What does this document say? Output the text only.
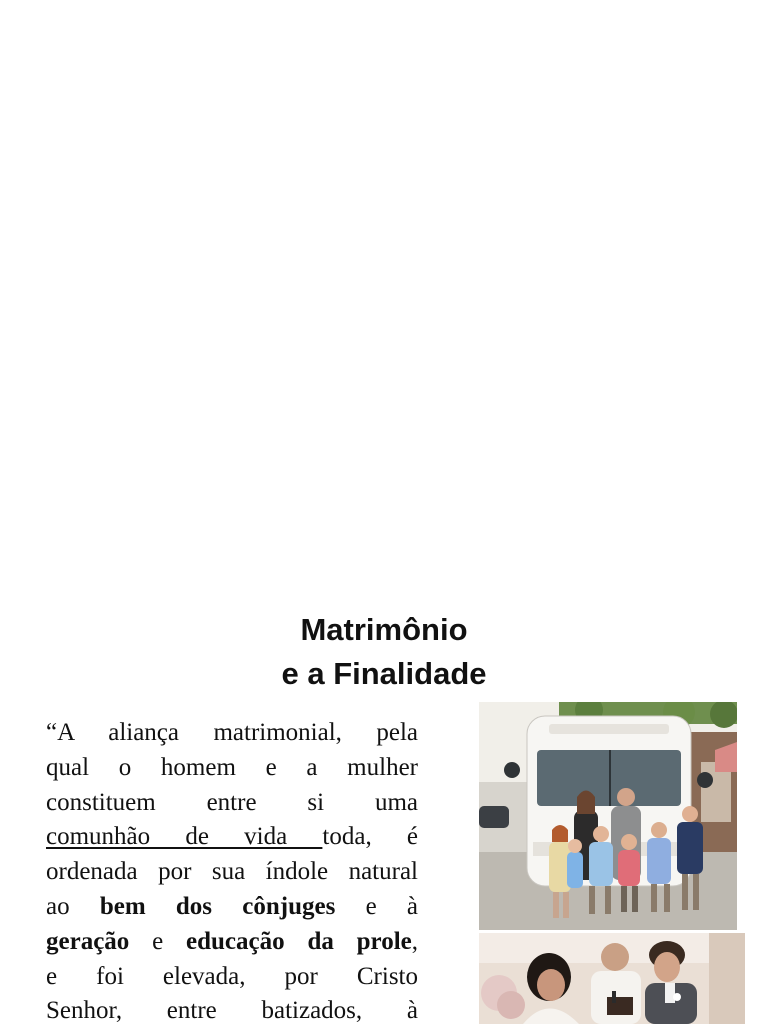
Matrimônio
e a Finalidade
“A aliança matrimonial, pela
qual o homem e a mulher
constituem entre si uma
comunhão de vida toda, é
ordenada por sua índole natural
ao bem dos cônjuges e à
geração e educação da prole,
e foi elevada, por Cristo
Senhor, entre batizados, à
